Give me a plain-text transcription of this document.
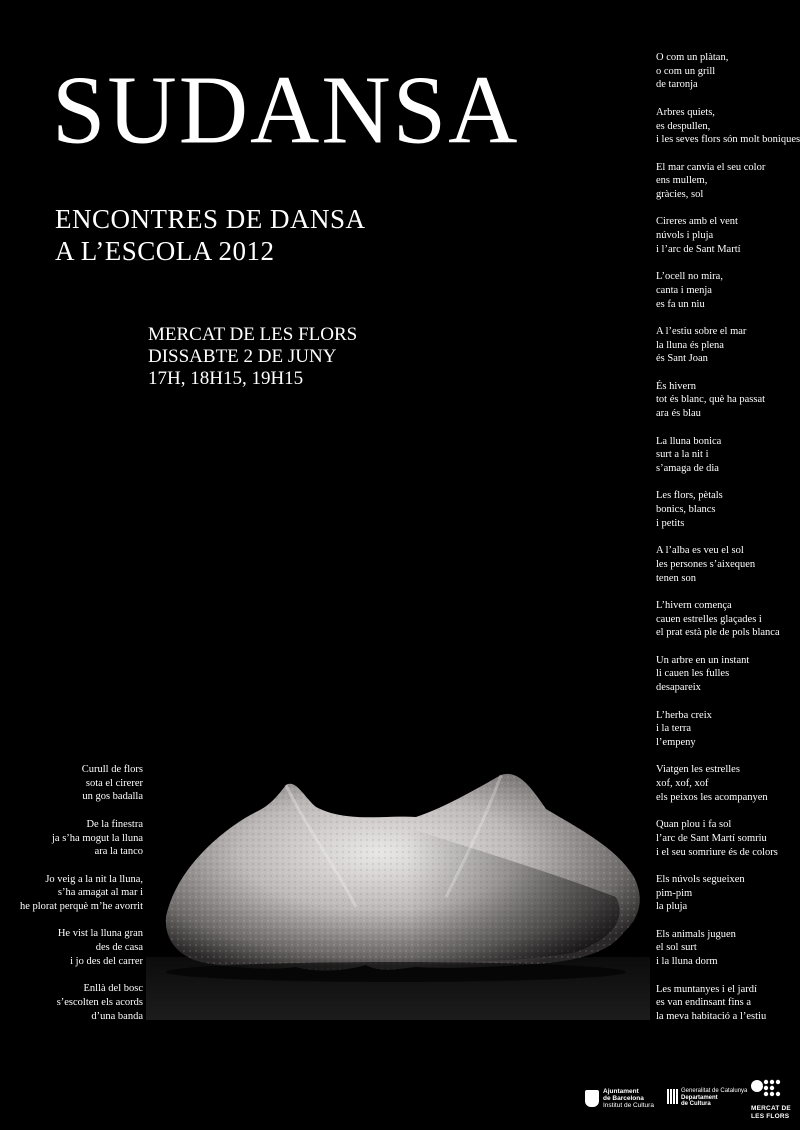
SUDANSA
ENCONTRES DE DANSA
A L’ESCOLA 2012
MERCAT DE LES FLORS
DISSABTE 2 DE JUNY
17H, 18H15, 19H15
O com un plàtan,
o com un grill
de taronja
Arbres quiets,
es despullen,
i les seves flors són molt boniques
El mar canvia el seu color
ens mullem,
gràcies, sol
Cireres amb el vent
núvols i pluja
i l’arc de Sant Martí
L’ocell no mira,
canta i menja
es fa un niu
A l’estiu sobre el mar
la lluna és plena
és Sant Joan
És hivern
tot és blanc, què ha passat
ara és blau
La lluna bonica
surt a la nit i
s’amaga de dia
Les flors, pètals
bonics, blancs
i petits
A l’alba es veu el sol
les persones s’aixequen
tenen son
L’hivern comença
cauen estrelles glaçades i
el prat està ple de pols blanca
Un arbre en un instant
li cauen les fulles
desapareix
L’herba creix
i la terra
l’empeny
Viatgen les estrelles
xof, xof, xof
els peixos les acompanyen
Quan plou i fa sol
l’arc de Sant Martí somriu
i el seu somriure és de colors
Els núvols segueixen
pim-pim
la pluja
Els animals juguen
el sol surt
i la lluna dorm
Les muntanyes i el jardí
es van endinsant fins a
la meva habitació a l’estiu
Curull de flors
sota el cirerer
un gos badalla
De la finestra
ja s’ha mogut la lluna
ara la tanco
Jo veig a la nit la lluna,
s’ha amagat al mar i
he plorat perquè m’he avorrit
He vist la lluna gran
des de casa
i jo des del carrer
Enllà del bosc
s’escolten els acords
d’una banda
Ajuntament
de Barcelona
Institut de Cultura
Generalitat de Catalunya
Departament
de Cultura
MERCAT DE
LES FLORS
